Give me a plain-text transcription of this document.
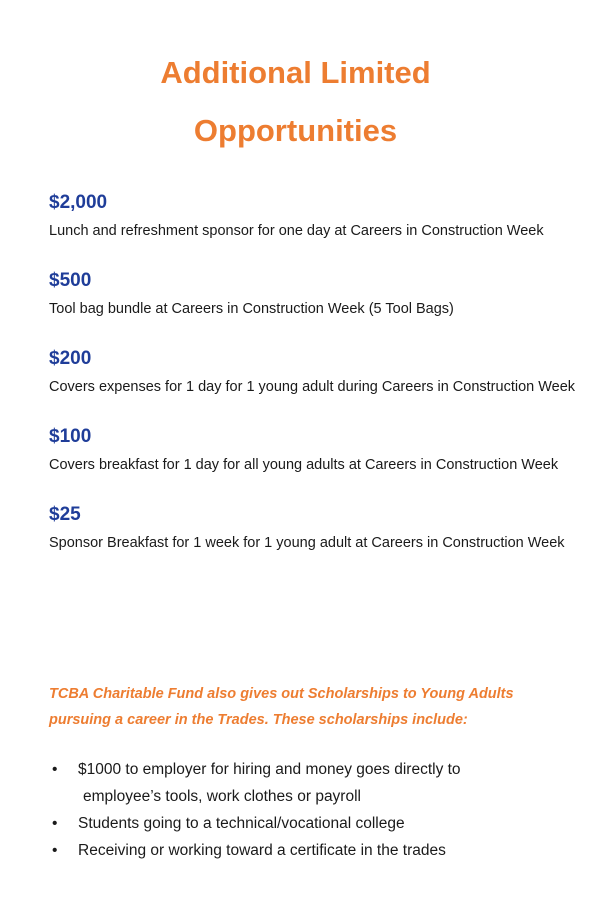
Additional Limited
Opportunities
$2,000
Lunch and refreshment sponsor for one day at Careers in Construction Week
$500
Tool bag bundle at Careers in Construction Week (5 Tool Bags)
$200
Covers expenses for 1 day for 1 young adult during Careers in Construction Week
$100
Covers breakfast for 1 day for all young adults at Careers in Construction Week
$25
Sponsor Breakfast for 1 week for 1 young adult at Careers in Construction Week
TCBA Charitable Fund also gives out Scholarships to Young Adults pursuing a career in the Trades. These scholarships include:
• $1000 to employer for hiring and money goes directly to
employee’s tools, work clothes or payroll
• Students going to a technical/vocational college
• Receiving or working toward a certificate in the trades
